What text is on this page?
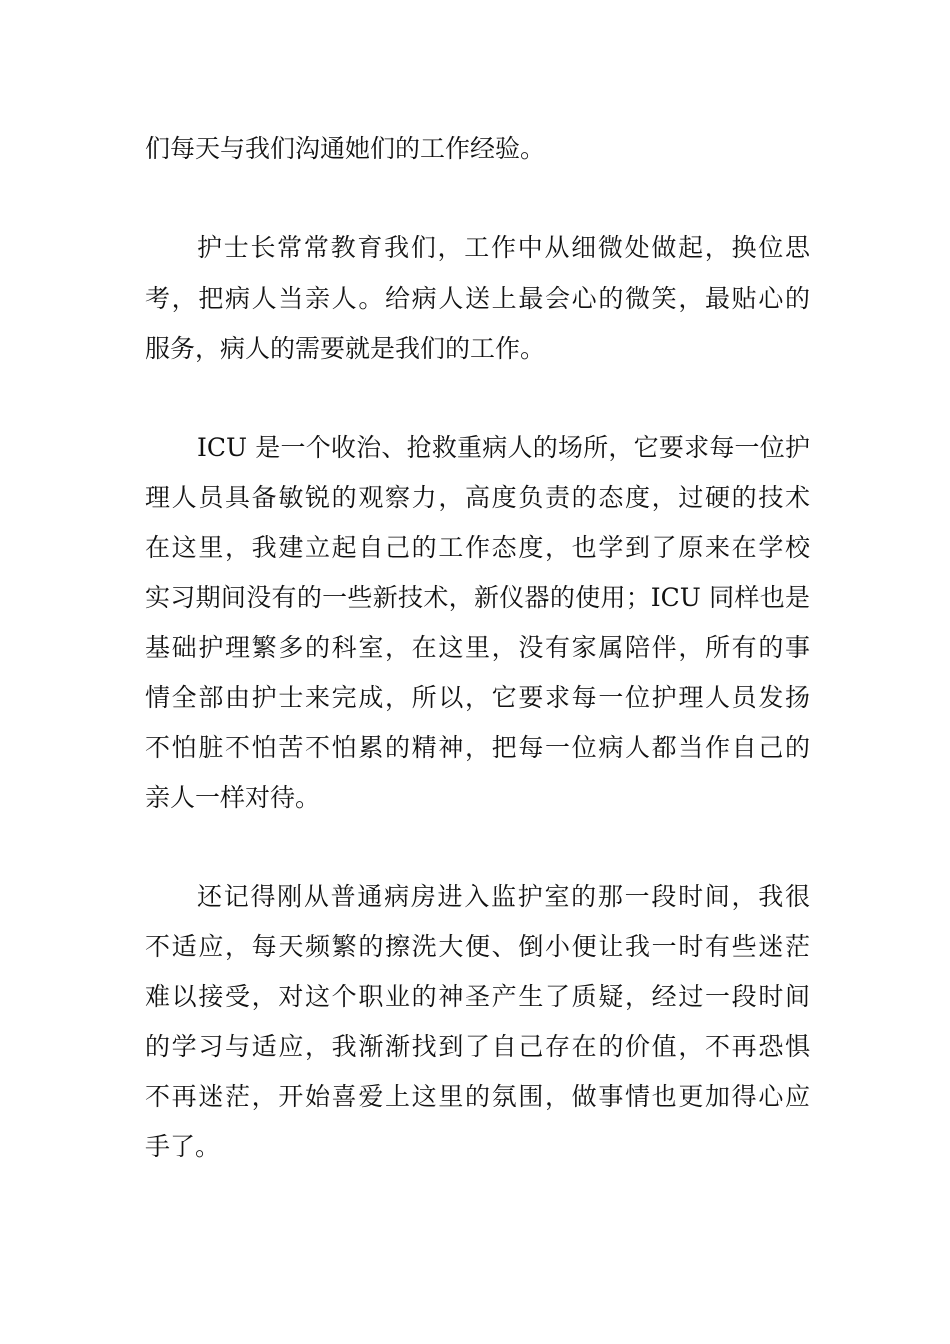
们每天与我们沟通她们的工作经验。
护士长常常教育我们，工作中从细微处做起，换位思
考，把病人当亲人。给病人送上最会心的微笑，最贴心的
服务，病人的需要就是我们的工作。
ICU 是一个收治、抢救重病人的场所，它要求每一位护
理人员具备敏锐的观察力，高度负责的态度，过硬的技术
在这里，我建立起自己的工作态度，也学到了原来在学校
实习期间没有的一些新技术，新仪器的使用；ICU 同样也是
基础护理繁多的科室，在这里，没有家属陪伴，所有的事
情全部由护士来完成，所以，它要求每一位护理人员发扬
不怕脏不怕苦不怕累的精神，把每一位病人都当作自己的
亲人一样对待。
还记得刚从普通病房进入监护室的那一段时间，我很
不适应，每天频繁的擦洗大便、倒小便让我一时有些迷茫
难以接受，对这个职业的神圣产生了质疑，经过一段时间
的学习与适应，我渐渐找到了自己存在的价值，不再恐惧
不再迷茫，开始喜爱上这里的氛围，做事情也更加得心应
手了。
